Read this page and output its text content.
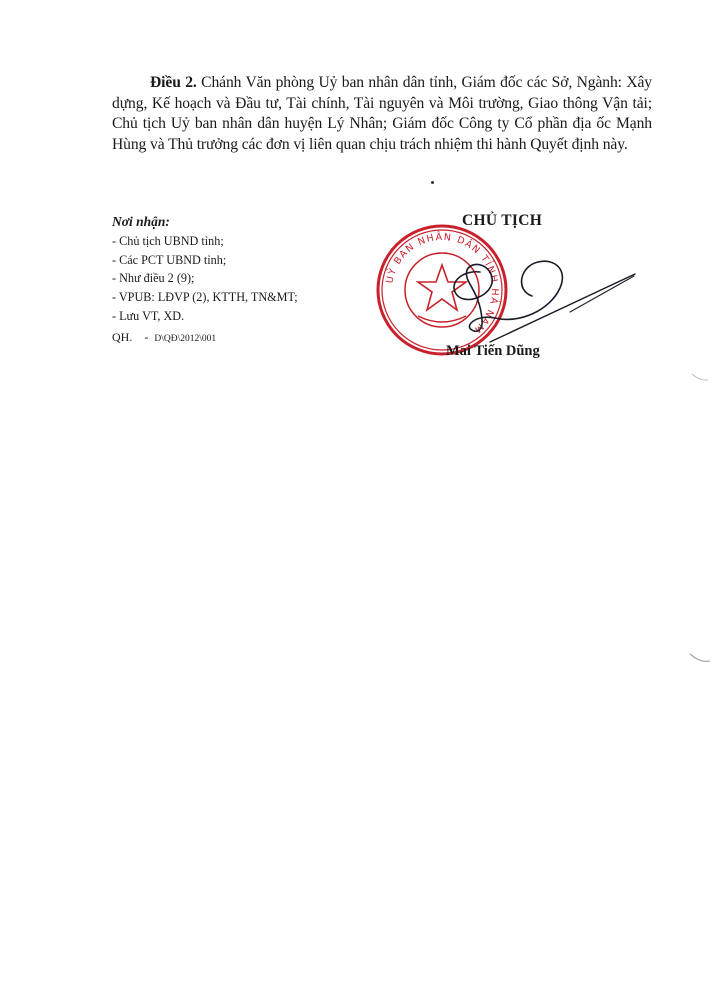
Điều 2. Chánh Văn phòng Uỷ ban nhân dân tỉnh, Giám đốc các Sở, Ngành: Xây dựng, Kế hoạch và Đầu tư, Tài chính, Tài nguyên và Môi trường, Giao thông Vận tải; Chủ tịch Uỷ ban nhân dân huyện Lý Nhân; Giám đốc Công ty Cổ phần địa ốc Mạnh Hùng và Thủ trưởng các đơn vị liên quan chịu trách nhiệm thi hành Quyết định này.

Nơi nhận:
- Chủ tịch UBND tỉnh;
- Các PCT UBND tỉnh;
- Như điều 2 (9);
- VPUB: LĐVP (2), KTTH, TN&MT;
- Lưu VT, XD.
QH. - D\QĐ\2012\001
CHỦ TỊCH
UỶ BAN NHÂN DÂN TỈNH HÀ NAM
Mai Tiến Dũng
